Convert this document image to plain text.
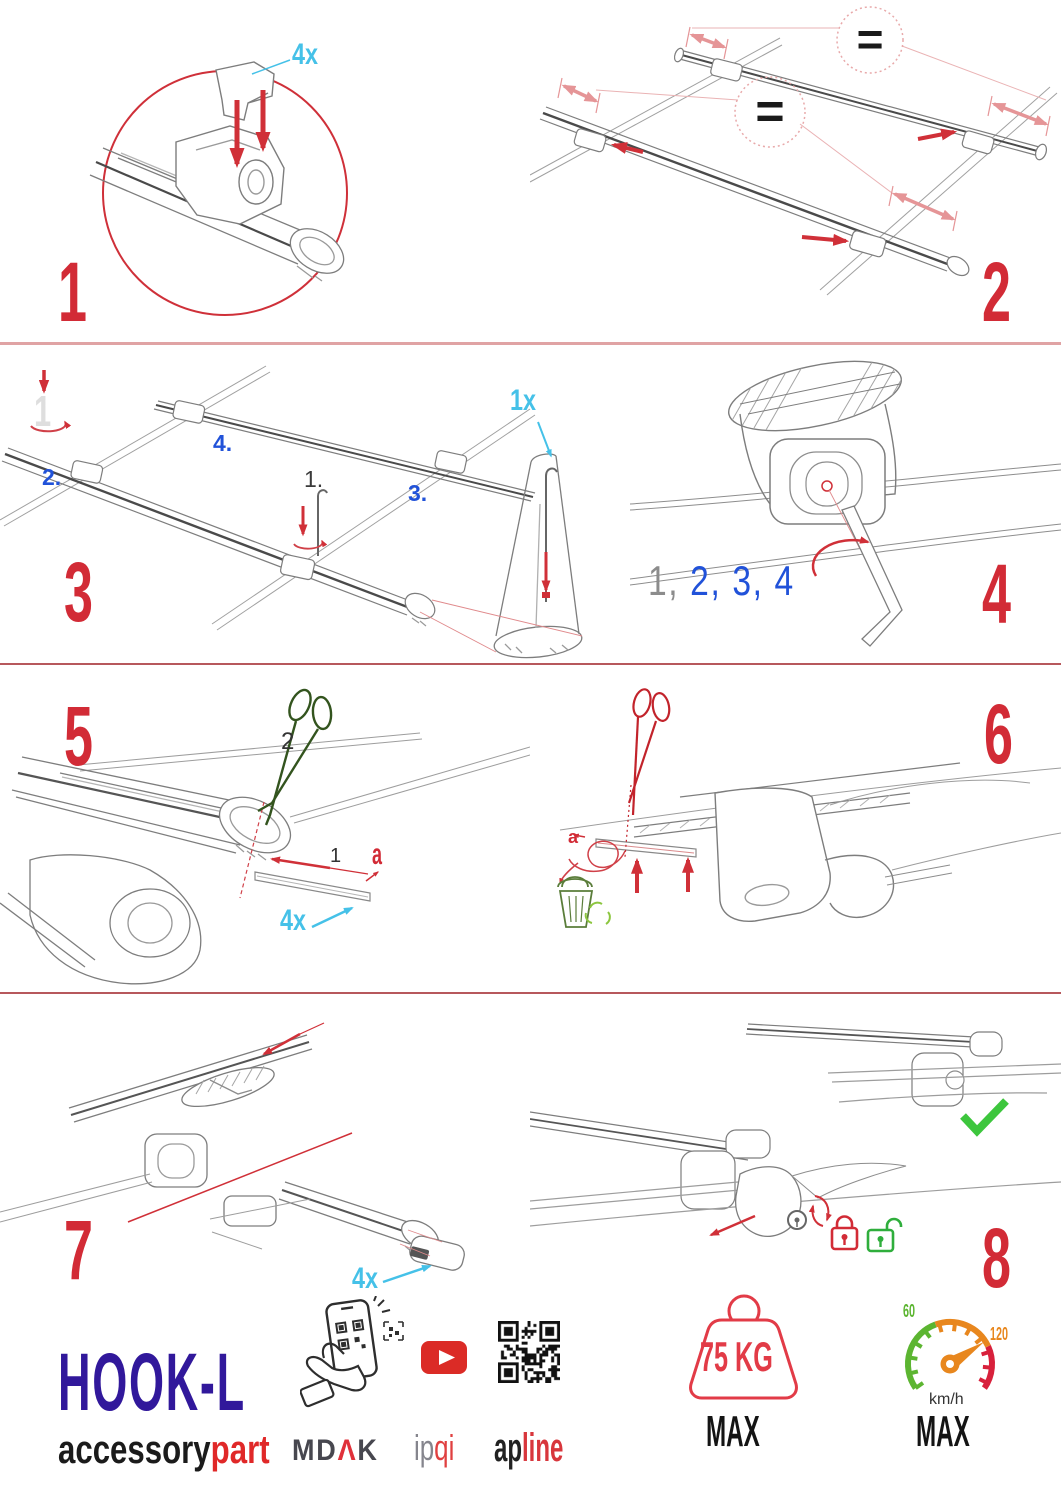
=
=
1	2
3	4
5	6
7	8
4x
1
4.
2.	1.
3.
1x
1, 2, 3, 4
2
1 a
4x
a
4x
HOOK-L
accessorypart MDΛK ipqi apline
75 KG
MAX
60
120
km/h
MAX
